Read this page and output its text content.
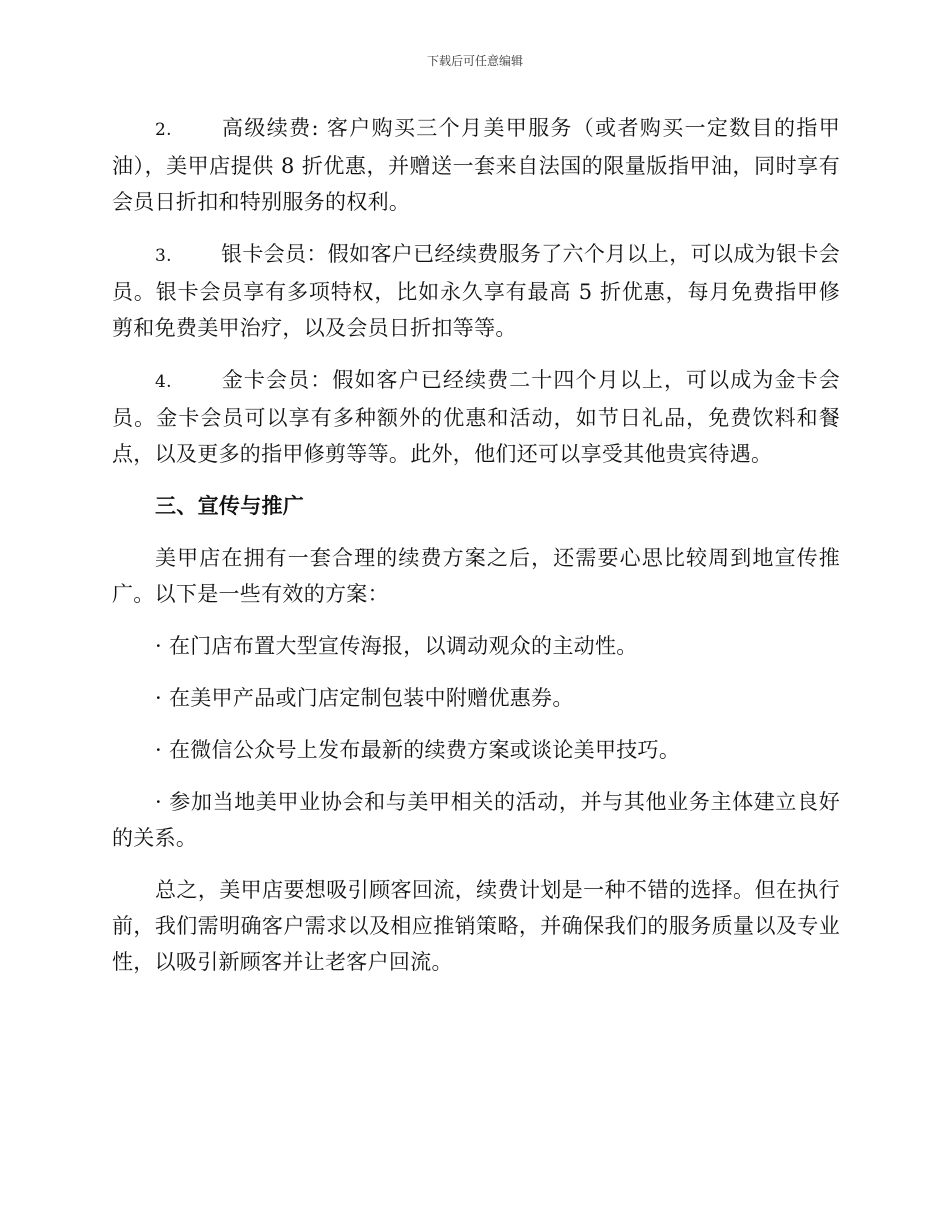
下载后可任意编辑

2. 高级续费: 客户购买三个月美甲服务（或者购买一定数目的指甲油），美甲店提供 8 折优惠，并赠送一套来自法国的限量版指甲油，同时享有会员日折扣和特别服务的权利。

3. 银卡会员：假如客户已经续费服务了六个月以上，可以成为银卡会员。银卡会员享有多项特权，比如永久享有最高 5 折优惠，每月免费指甲修剪和免费美甲治疗，以及会员日折扣等等。

4. 金卡会员：假如客户已经续费二十四个月以上，可以成为金卡会员。金卡会员可以享有多种额外的优惠和活动，如节日礼品，免费饮料和餐点，以及更多的指甲修剪等等。此外，他们还可以享受其他贵宾待遇。

三、宣传与推广

美甲店在拥有一套合理的续费方案之后，还需要心思比较周到地宣传推广。以下是一些有效的方案：

· 在门店布置大型宣传海报，以调动观众的主动性。

· 在美甲产品或门店定制包装中附赠优惠券。

· 在微信公众号上发布最新的续费方案或谈论美甲技巧。

· 参加当地美甲业协会和与美甲相关的活动，并与其他业务主体建立良好的关系。

总之，美甲店要想吸引顾客回流，续费计划是一种不错的选择。但在执行前，我们需明确客户需求以及相应推销策略，并确保我们的服务质量以及专业性，以吸引新顾客并让老客户回流。
